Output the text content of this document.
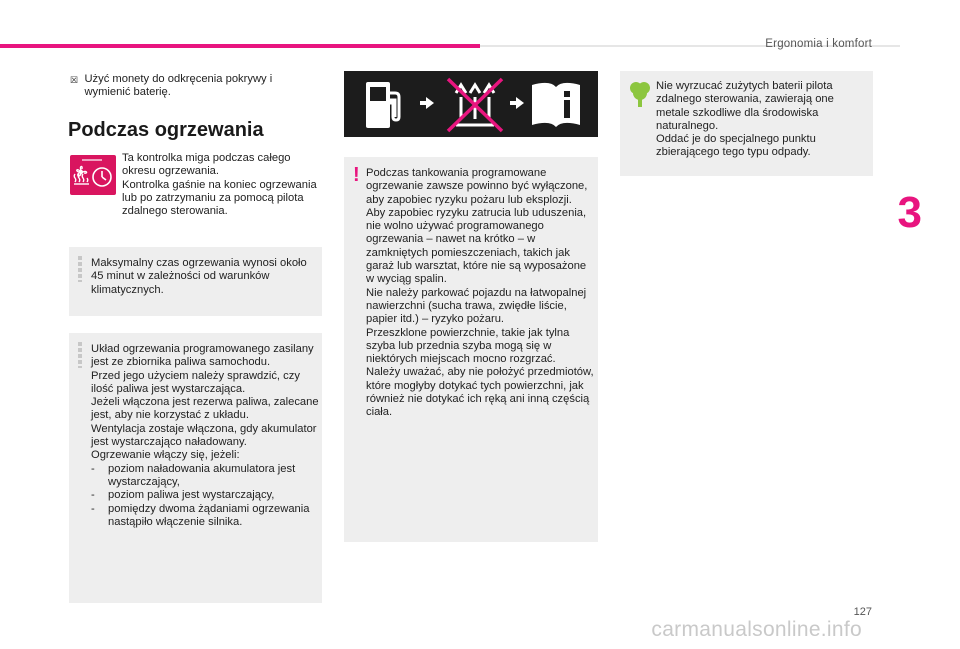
Ergonomia i komfort
3
☒ Użyć monety do odkręcenia pokrywy i wymienić baterię.
Podczas ogrzewania
Ta kontrolka miga podczas całego okresu ogrzewania.
Kontrolka gaśnie na koniec ogrzewania lub po zatrzymaniu za pomocą pilota zdalnego sterowania.
Maksymalny czas ogrzewania wynosi około 45 minut w zależności od warunków klimatycznych.
Układ ogrzewania programowanego zasilany jest ze zbiornika paliwa samochodu.
Przed jego użyciem należy sprawdzić, czy ilość paliwa jest wystarczająca.
Jeżeli włączona jest rezerwa paliwa, zalecane jest, aby nie korzystać z układu.
Wentylacja zostaje włączona, gdy akumulator jest wystarczająco naładowany.
Ogrzewanie włączy się, jeżeli:
-	poziom naładowania akumulatora jest wystarczający,
-	poziom paliwa jest wystarczający,
-	pomiędzy dwoma żądaniami ogrzewania nastąpiło włączenie silnika.
! Podczas tankowania programowane ogrzewanie zawsze powinno być wyłączone, aby zapobiec ryzyku pożaru lub eksplozji.
Aby zapobiec ryzyku zatrucia lub uduszenia, nie wolno używać programowanego ogrzewania – nawet na krótko – w zamkniętych pomieszczeniach, takich jak garaż lub warsztat, które nie są wyposażone w wyciąg spalin.
Nie należy parkować pojazdu na łatwopalnej nawierzchni (sucha trawa, zwiędłe liście, papier itd.) – ryzyko pożaru.
Przeszklone powierzchnie, takie jak tylna szyba lub przednia szyba mogą się w niektórych miejscach mocno rozgrzać.
Należy uważać, aby nie położyć przedmiotów, które mogłyby dotykać tych powierzchni, jak również nie dotykać ich ręką ani inną częścią ciała.
Nie wyrzucać zużytych baterii pilota zdalnego sterowania, zawierają one metale szkodliwe dla środowiska naturalnego.
Oddać je do specjalnego punktu zbierającego tego typu odpady.
127
carmanualsonline.info
